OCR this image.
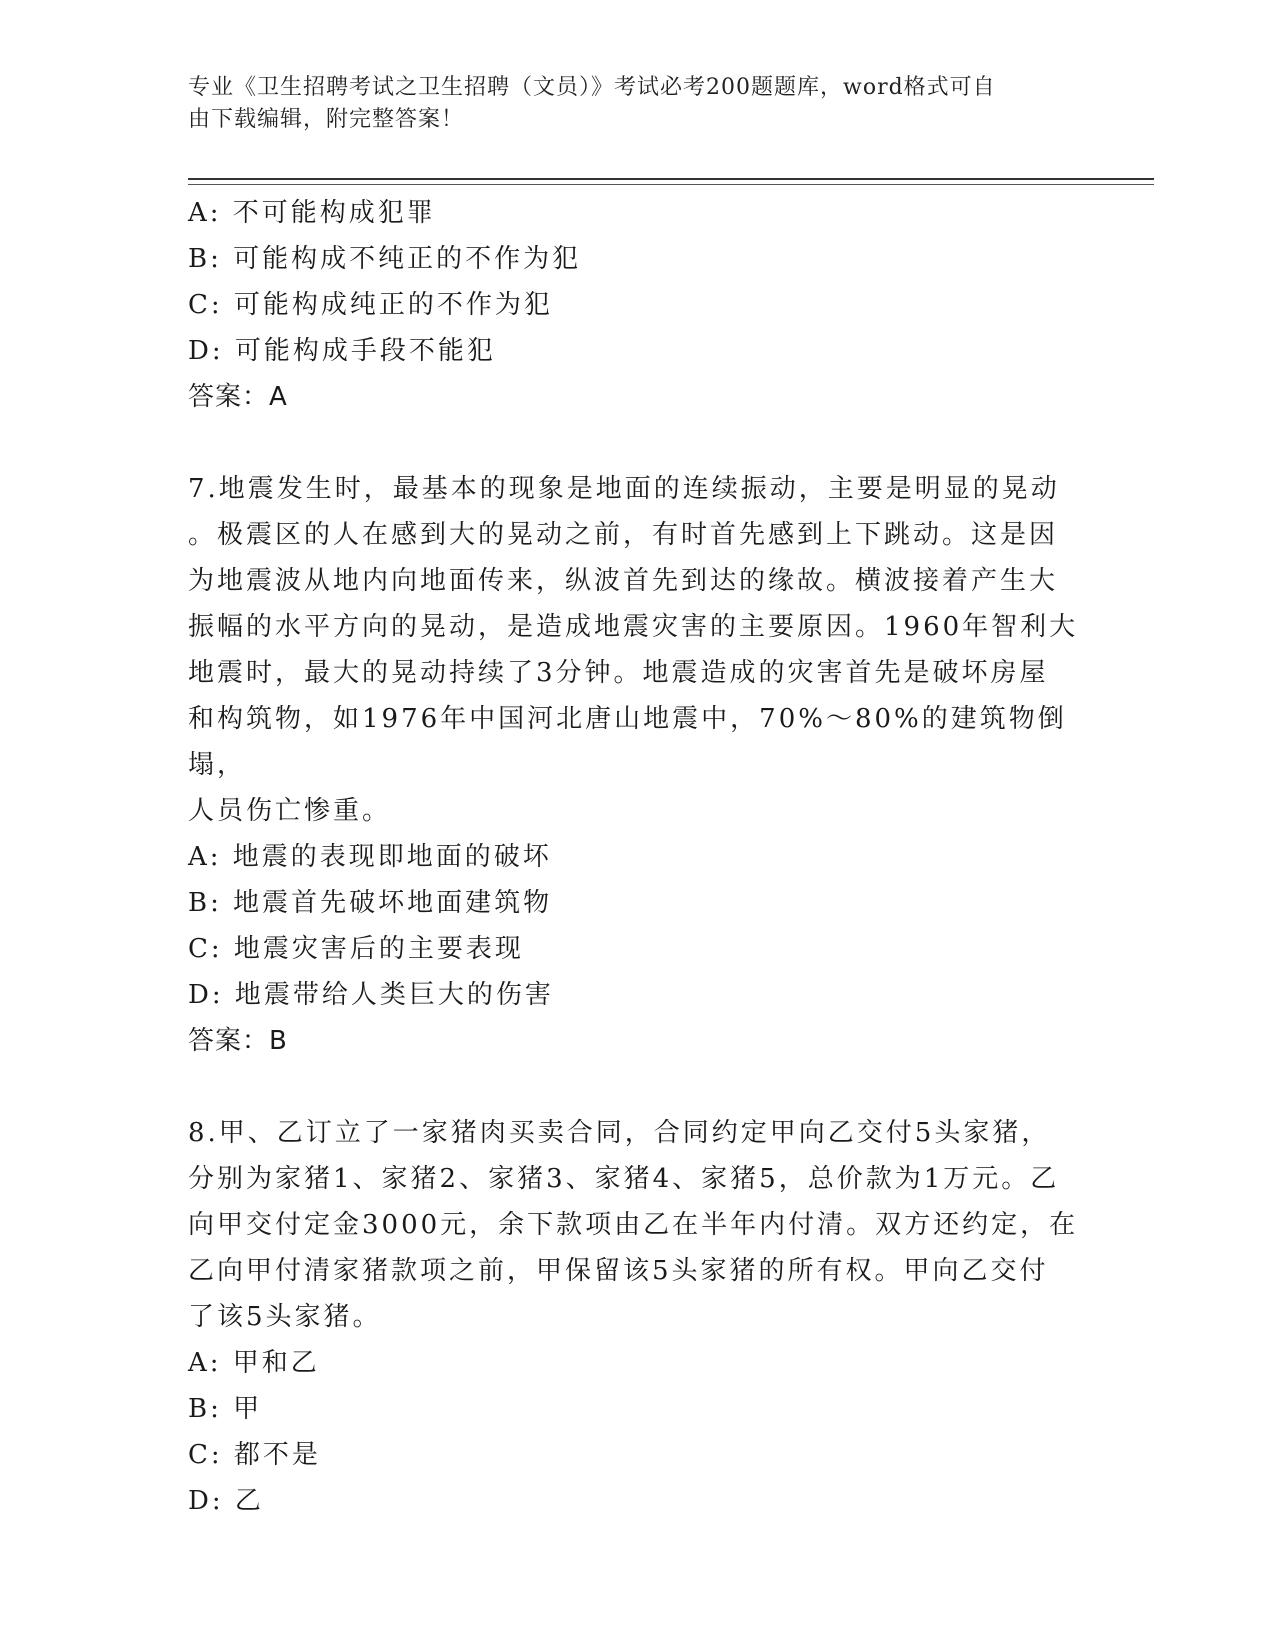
专业《卫生招聘考试之卫生招聘（文员）》考试必考200题题库，word格式可自
由下载编辑，附完整答案！
A: 不可能构成犯罪
B: 可能构成不纯正的不作为犯
C: 可能构成纯正的不作为犯
D: 可能构成手段不能犯
答案：A
7.地震发生时，最基本的现象是地面的连续振动，主要是明显的晃动
。极震区的人在感到大的晃动之前，有时首先感到上下跳动。这是因
为地震波从地内向地面传来，纵波首先到达的缘故。横波接着产生大
振幅的水平方向的晃动，是造成地震灾害的主要原因。1960年智利大
地震时，最大的晃动持续了3分钟。地震造成的灾害首先是破坏房屋
和构筑物，如1976年中国河北唐山地震中，70%～80%的建筑物倒塌，
人员伤亡惨重。
A: 地震的表现即地面的破坏
B: 地震首先破坏地面建筑物
C: 地震灾害后的主要表现
D: 地震带给人类巨大的伤害
答案：B
8.甲、乙订立了一家猪肉买卖合同，合同约定甲向乙交付5头家猪，
分别为家猪1、家猪2、家猪3、家猪4、家猪5，总价款为1万元。乙
向甲交付定金3000元，余下款项由乙在半年内付清。双方还约定，在
乙向甲付清家猪款项之前，甲保留该5头家猪的所有权。甲向乙交付
了该5头家猪。
A: 甲和乙
B: 甲
C: 都不是
D: 乙
